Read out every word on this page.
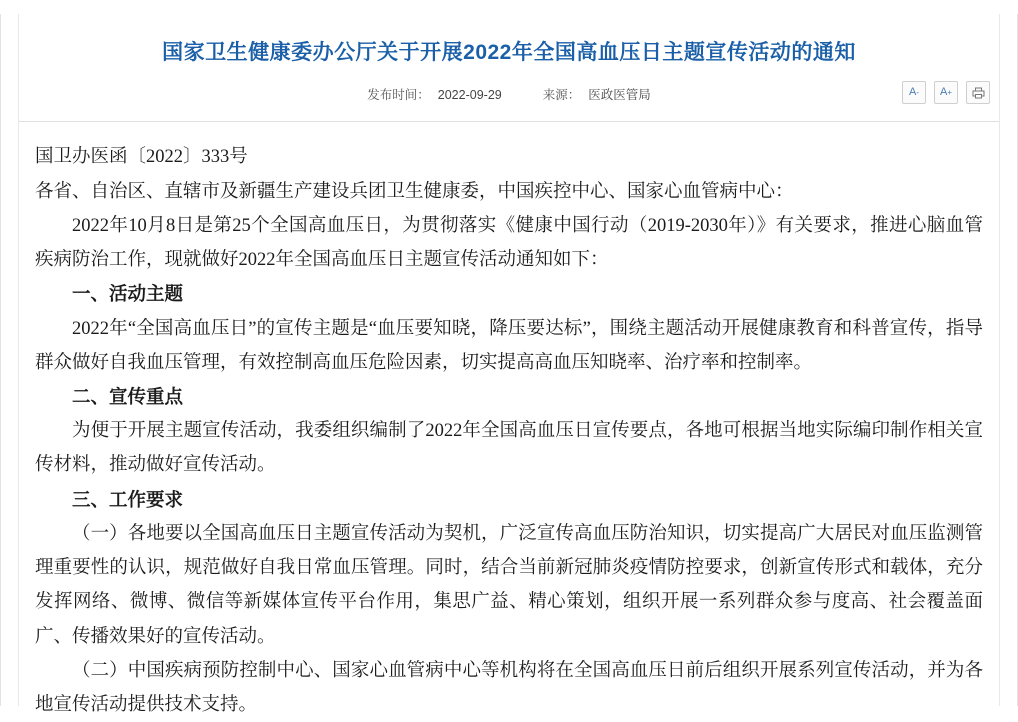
国家卫生健康委办公厅关于开展2022年全国高血压日主题宣传活动的通知
发布时间： 2022-09-29	来源： 医政医管局	A - A +

国卫办医函〔2022〕333号

各省、自治区、直辖市及新疆生产建设兵团卫生健康委，中国疾控中心、国家心血管病中心：

2022年10月8日是第25个全国高血压日，为贯彻落实《健康中国行动（2019-2030年）》有关要求，推进心脑血管疾病防治工作，现就做好2022年全国高血压日主题宣传活动通知如下：

一、活动主题

2022年“全国高血压日”的宣传主题是“血压要知晓，降压要达标”，围绕主题活动开展健康教育和科普宣传，指导群众做好自我血压管理，有效控制高血压危险因素，切实提高高血压知晓率、治疗率和控制率。

二、宣传重点

为便于开展主题宣传活动，我委组织编制了2022年全国高血压日宣传要点，各地可根据当地实际编印制作相关宣传材料，推动做好宣传活动。

三、工作要求

（一）各地要以全国高血压日主题宣传活动为契机，广泛宣传高血压防治知识，切实提高广大居民对血压监测管理重要性的认识，规范做好自我日常血压管理。同时，结合当前新冠肺炎疫情防控要求，创新宣传形式和载体，充分发挥网络、微博、微信等新媒体宣传平台作用，集思广益、精心策划，组织开展一系列群众参与度高、社会覆盖面广、传播效果好的宣传活动。

（二）中国疾病预防控制中心、国家心血管病中心等机构将在全国高血压日前后组织开展系列宣传活动，并为各地宣传活动提供技术支持。
